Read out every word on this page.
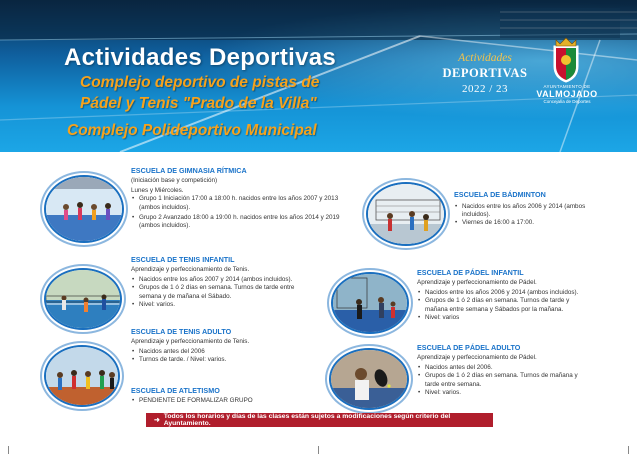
Actividades Deportivas
Complejo deportivo de pistas de
Pádel y Tenis "Prado de la Villa"
Complejo Polideportivo Municipal
Actividades
DEPORTIVAS
2022 / 23	AYUNTAMIENTO DE
VALMOJADO
Concejalía de Deportes
ESCUELA DE GIMNASIA RÍTMICA

(Iniciación base y competición)

Lunes y Miércoles.

• Grupo 1 Iniciación 17:00 a 18:00 h. nacidos entre los años 2007 y 2013 (ambos incluidos).
• Grupo 2 Avanzado 18:00 a 19:00 h. nacidos entre los años 2014 y 2019 (ambos incluidos).
ESCUELA DE BÁDMINTON
• Nacidos entre los años 2006 y 2014 (ambos incluidos).
• Viernes de 16:00 a 17:00.
ESCUELA DE TENIS INFANTIL

Aprendizaje y perfeccionamiento de Tenis.

• Nacidos entre los años 2007 y 2014 (ambos incluidos).
• Grupos de 1 ó 2 días en semana. Turnos de tarde entre semana y de mañana el Sábado.
• Nivel: varios.
ESCUELA DE TENIS ADULTO

Aprendizaje y perfeccionamiento de Tenis.

• Nacidos antes del 2006
• Turnos de tarde. / Nivel: varios.
ESCUELA DE ATLETISMO
• PENDIENTE DE FORMALIZAR GRUPO
ESCUELA DE PÁDEL INFANTIL

Aprendizaje y perfeccionamiento de Pádel.

• Nacidos entre los años 2006 y 2014 (ambos incluidos).
• Grupos de 1 ó 2 días en semana. Turnos de tarde y mañana entre semana y Sábados por la mañana.
• Nivel: varios
ESCUELA DE PÁDEL ADULTO

Aprendizaje y perfeccionamiento de Pádel.

• Nacidos antes del 2006.
• Grupos de 1 ó 2 días en semana. Turnos de mañana y tarde entre semana.
• Nivel: varios.
➜
Todos los horarios y días de las clases están sujetos a modificaciones según criterio del Ayuntamiento.
